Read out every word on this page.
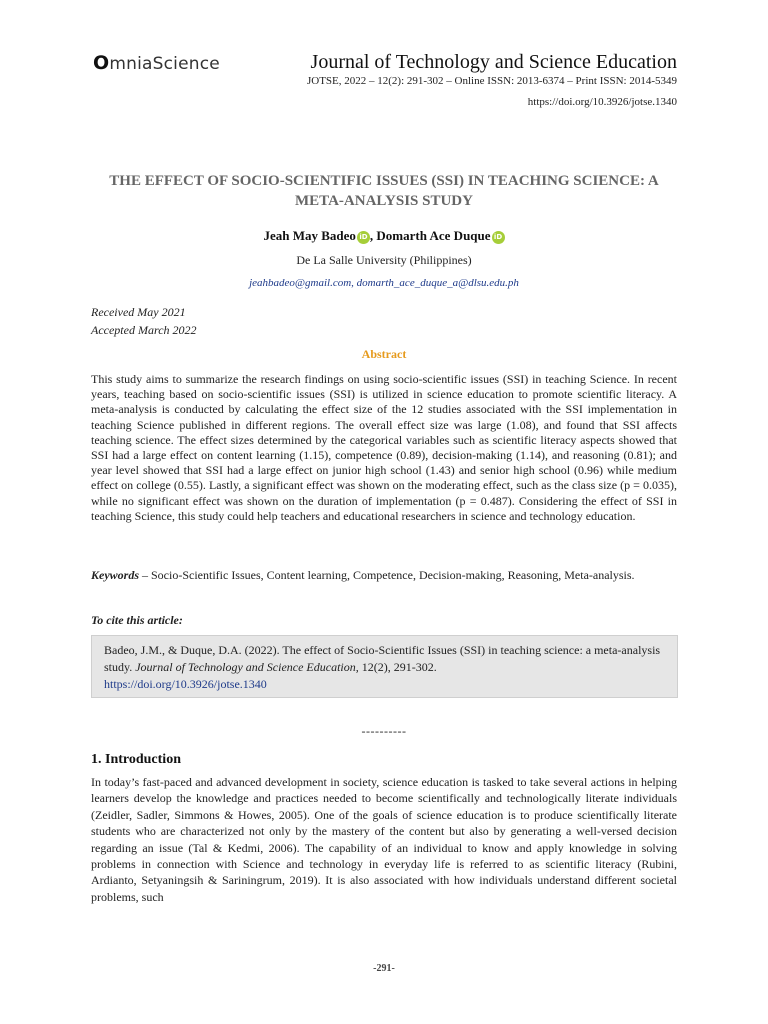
OmniaScience	Journal of Technology and Science Education
JOTSE, 2022 – 12(2): 291-302 – Online ISSN: 2013-6374 – Print ISSN: 2014-5349
https://doi.org/10.3926/jotse.1340
THE EFFECT OF SOCIO-SCIENTIFIC ISSUES (SSI) IN TEACHING SCIENCE: A META-ANALYSIS STUDY
Jeah May Badeo iD , Domarth Ace Duque iD
De La Salle University (Philippines)
jeahbadeo@gmail.com, domarth_ace_duque_a@dlsu.edu.ph
Received May 2021
Accepted March 2022
Abstract
This study aims to summarize the research findings on using socio-scientific issues (SSI) in teaching Science. In recent years, teaching based on socio-scientific issues (SSI) is utilized in science education to promote scientific literacy. A meta-analysis is conducted by calculating the effect size of the 12 studies associated with the SSI implementation in teaching Science published in different regions. The overall effect size was large (1.08), and found that SSI affects teaching science. The effect sizes determined by the categorical variables such as scientific literacy aspects showed that SSI had a large effect on content learning (1.15), competence (0.89), decision-making (1.14), and reasoning (0.81); and year level showed that SSI had a large effect on junior high school (1.43) and senior high school (0.96) while medium effect on college (0.55). Lastly, a significant effect was shown on the moderating effect, such as the class size (p = 0.035), while no significant effect was shown on the duration of implementation (p = 0.487). Considering the effect of SSI in teaching Science, this study could help teachers and educational researchers in science and technology education.
Keywords – Socio-Scientific Issues, Content learning, Competence, Decision-making, Reasoning, Meta-analysis.
To cite this article:
Badeo, J.M., & Duque, D.A. (2022). The effect of Socio-Scientific Issues (SSI) in teaching science: a meta-analysis study. Journal of Technology and Science Education, 12(2), 291-302.
https://doi.org/10.3926/jotse.1340
----------
1. Introduction
In today’s fast-paced and advanced development in society, science education is tasked to take several actions in helping learners develop the knowledge and practices needed to become scientifically and technologically literate individuals (Zeidler, Sadler, Simmons & Howes, 2005). One of the goals of science education is to produce scientifically literate students who are characterized not only by the mastery of the content but also by generating a well-versed decision regarding an issue (Tal & Kedmi, 2006). The capability of an individual to know and apply knowledge in solving problems in connection with Science and technology in everyday life is referred to as scientific literacy (Rubini, Ardianto, Setyaningsih & Sariningrum, 2019). It is also associated with how individuals understand different societal problems, such
-291-
